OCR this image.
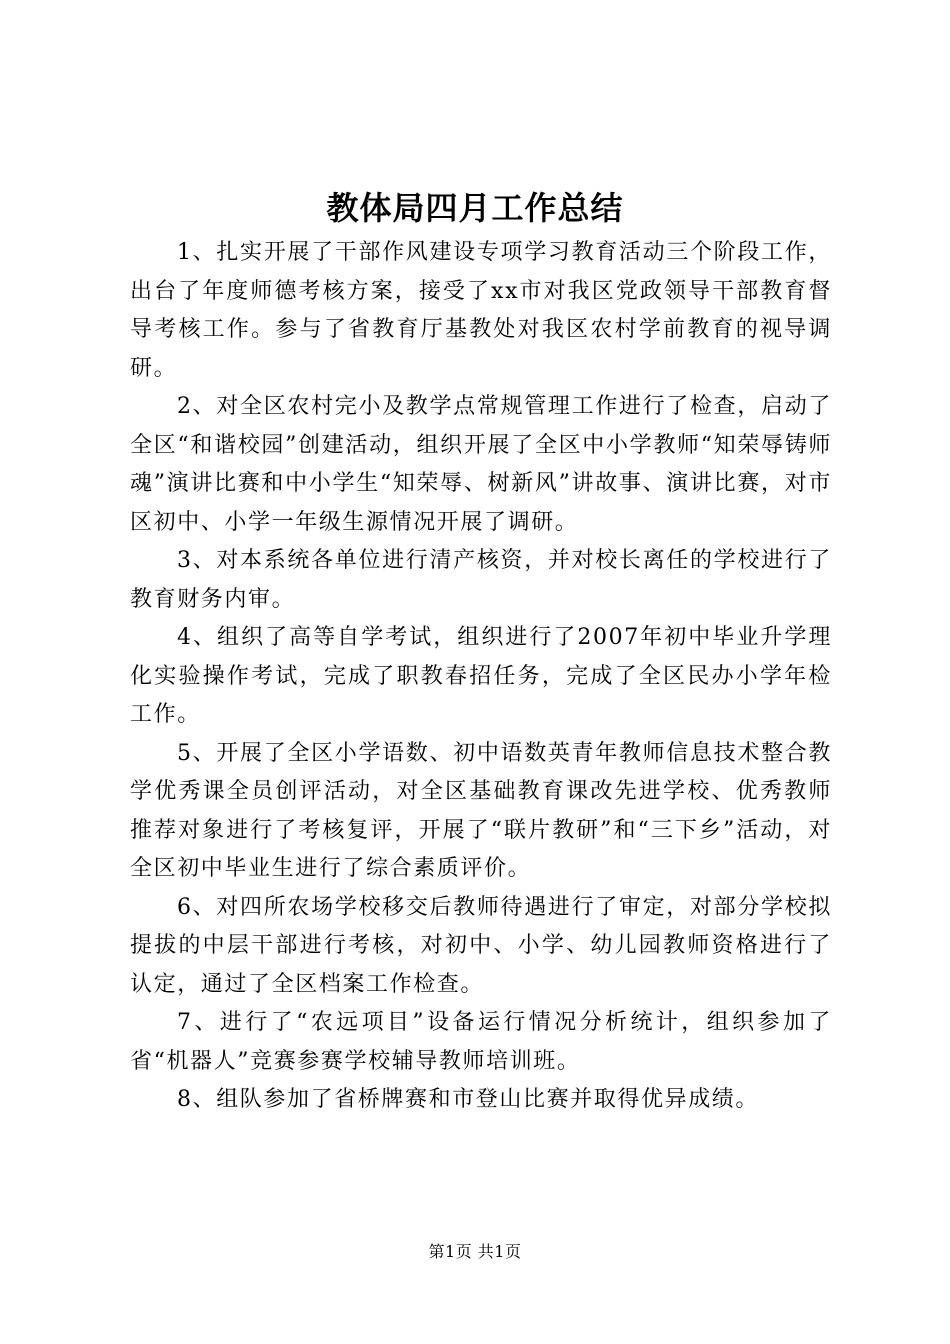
教体局四月工作总结

1、扎实开展了干部作风建设专项学习教育活动三个阶段工作，出台了年度师德考核方案，接受了xx市对我区党政领导干部教育督导考核工作。参与了省教育厅基教处对我区农村学前教育的视导调研。

2、对全区农村完小及教学点常规管理工作进行了检查，启动了全区“和谐校园”创建活动，组织开展了全区中小学教师“知荣辱铸师魂”演讲比赛和中小学生“知荣辱、树新风”讲故事、演讲比赛，对市区初中、小学一年级生源情况开展了调研。

3、对本系统各单位进行清产核资，并对校长离任的学校进行了教育财务内审。

4、组织了高等自学考试，组织进行了2007年初中毕业升学理化实验操作考试，完成了职教春招任务，完成了全区民办小学年检工作。

5、开展了全区小学语数、初中语数英青年教师信息技术整合教学优秀课全员创评活动，对全区基础教育课改先进学校、优秀教师推荐对象进行了考核复评，开展了“联片教研”和“三下乡”活动，对全区初中毕业生进行了综合素质评价。

6、对四所农场学校移交后教师待遇进行了审定，对部分学校拟提拔的中层干部进行考核，对初中、小学、幼儿园教师资格进行了认定，通过了全区档案工作检查。

7、进行了“农远项目”设备运行情况分析统计，组织参加了省“机器人”竞赛参赛学校辅导教师培训班。

8、组队参加了省桥牌赛和市登山比赛并取得优异成绩。

第1页 共1页
